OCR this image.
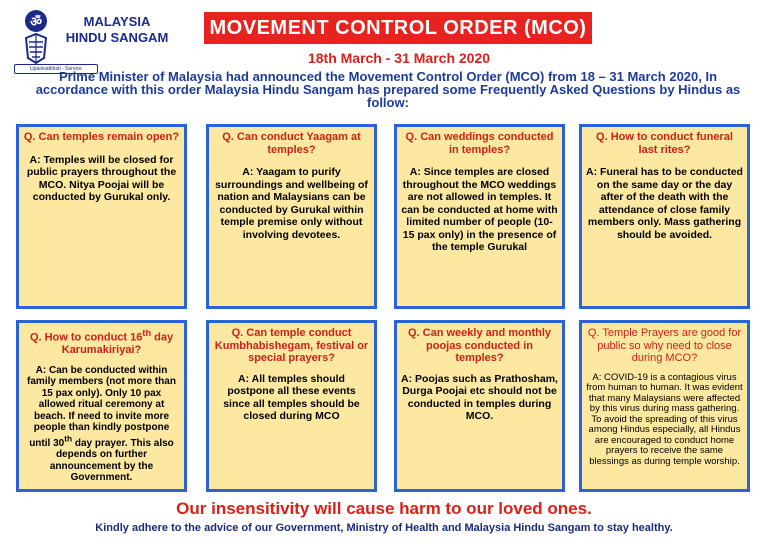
ॐ	MALAYSIA
HINDU SANGAM
Upanisatbhati - Service
MOVEMENT CONTROL ORDER (MCO)
18th March - 31 March 2020
Prime Minister of Malaysia had announced the Movement Control Order (MCO) from 18 – 31 March 2020, In accordance with this order Malaysia Hindu Sangam has prepared some Frequently Asked Questions by Hindus as follow:
Q. Can temples remain open?
A: Temples will be closed for public prayers throughout the MCO. Nitya Poojai will be conducted by Gurukal only.
Q. Can conduct Yaagam at temples?
A: Yaagam to purify surroundings and wellbeing of nation and Malaysians can be conducted by Gurukal within temple premise only without involving devotees.
Q. Can weddings conducted in temples?
A: Since temples are closed throughout the MCO weddings are not allowed in temples. It can be conducted at home with limited number of people (10-15 pax only) in the presence of the temple Gurukal
Q. How to conduct funeral last rites?
A: Funeral has to be conducted on the same day or the day after of the death with the attendance of close family members only. Mass gathering should be avoided.
Q. How to conduct 16th day Karumakiriyai?
A: Can be conducted within family members (not more than 15 pax only). Only 10 pax allowed ritual ceremony at beach. If need to invite more people than kindly postpone until 30th day prayer. This also depends on further announcement by the Government.
Q. Can temple conduct Kumbhabishegam, festival or special prayers?
A: All temples should postpone all these events since all temples should be closed during MCO
Q. Can weekly and monthly poojas conducted in temples?
A: Poojas such as Prathosham, Durga Poojai etc should not be conducted in temples during MCO.
Q. Temple Prayers are good for public so why need to close during MCO?
A: COVID-19 is a contagious virus from human to human. It was evident that many Malaysians were affected by this virus during mass gathering. To avoid the spreading of this virus among Hindus especially, all Hindus are encouraged to conduct home prayers to receive the same blessings as during temple worship.
Our insensitivity will cause harm to our loved ones.
Kindly adhere to the advice of our Government, Ministry of Health and Malaysia Hindu Sangam to stay healthy.
